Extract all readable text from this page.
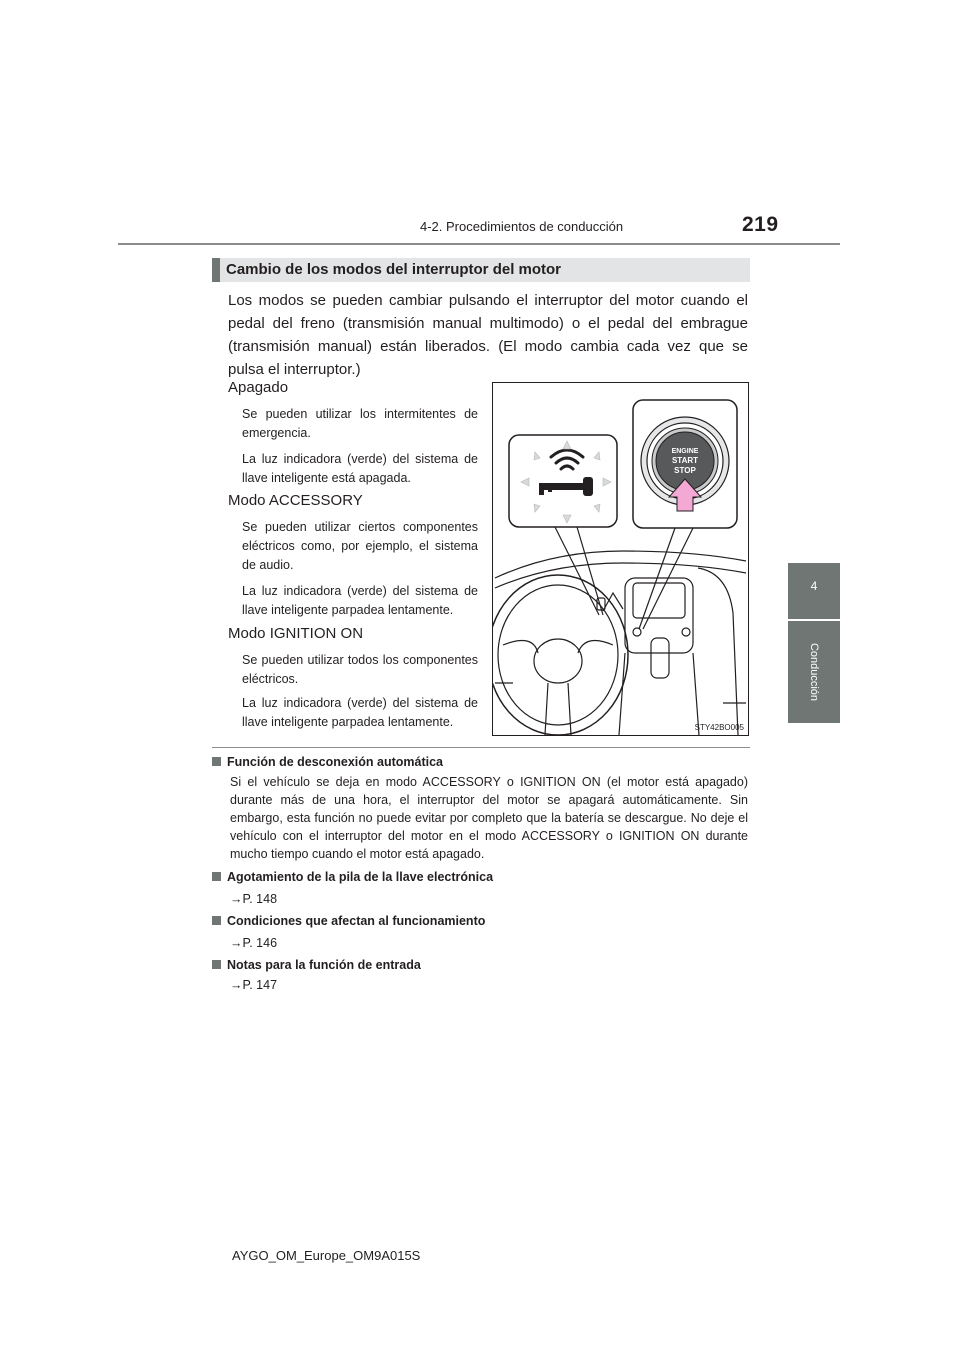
4-2. Procedimientos de conducción	219
4
Conducción
Cambio de los modos del interruptor del motor
Los modos se pueden cambiar pulsando el interruptor del motor cuando el pedal del freno (transmisión manual multimodo) o el pedal del embrague (transmisión manual) están liberados. (El modo cambia cada vez que se pulsa el interruptor.)
Apagado
Se pueden utilizar los intermitentes de emergencia.
La luz indicadora (verde) del sistema de llave inteligente está apagada.
Modo ACCESSORY
Se pueden utilizar ciertos componentes eléctricos como, por ejemplo, el sistema de audio.
La luz indicadora (verde) del sistema de llave inteligente parpadea lentamente.
Modo IGNITION ON
Se pueden utilizar todos los componentes eléctricos.
La luz indicadora (verde) del sistema de llave inteligente parpadea lentamente.
ENGINE
START
STOP
STY42BO005
Función de desconexión automática
Si el vehículo se deja en modo ACCESSORY o IGNITION ON (el motor está apagado) durante más de una hora, el interruptor del motor se apagará automáticamente. Sin embargo, esta función no puede evitar por completo que la batería se descargue. No deje el vehículo con el interruptor del motor en el modo ACCESSORY o IGNITION ON durante mucho tiempo cuando el motor está apagado.
Agotamiento de la pila de la llave electrónica
→P. 148
Condiciones que afectan al funcionamiento
→P. 146
Notas para la función de entrada
→P. 147
AYGO_OM_Europe_OM9A015S
